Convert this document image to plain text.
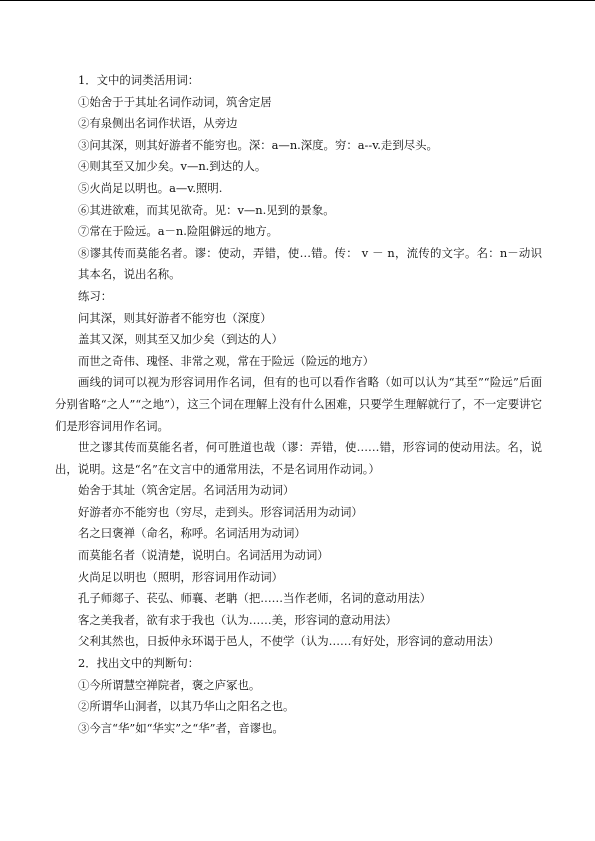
1．文中的词类活用词：
①始舍于于其址名词作动词，筑舍定居
②有泉侧出名词作状语，从旁边
③问其深，则其好游者不能穷也。深：a—n.深度。穷：a--v.走到尽头。
④则其至又加少矣。v—n.到达的人。
⑤火尚足以明也。a—v.照明.
⑥其进欲难，而其见欲奇。见：v—n.见到的景象。
⑦常在于险远。a－n.险阻僻远的地方。
⑧谬其传而莫能名者。谬：使动，弄错，使…错。传： v － n，流传的文字。名：n－动识其本名，说出名称。
练习：
问其深，则其好游者不能穷也（深度）
盖其又深，则其至又加少矣（到达的人）
而世之奇伟、瑰怪、非常之观，常在于险远（险远的地方）
画线的词可以视为形容词用作名词，但有的也可以看作省略（如可以认为“其至”“险远”后面分别省略“之人”“之地”），这三个词在理解上没有什么困难，只要学生理解就行了，不一定要讲它们是形容词用作名词。
世之谬其传而莫能名者，何可胜道也哉（谬：弄错，使……错，形容词的使动用法。名，说出，说明。这是“名”在文言中的通常用法，不是名词用作动词。）
始舍于其址（筑舍定居。名词活用为动词）
好游者亦不能穷也（穷尽，走到头。形容词活用为动词）
名之曰褒禅（命名，称呼。名词活用为动词）
而莫能名者（说清楚，说明白。名词活用为动词）
火尚足以明也（照明，形容词用作动词）
孔子师郯子、苌弘、师襄、老聃（把……当作老师，名词的意动用法）
客之美我者，欲有求于我也（认为……美，形容词的意动用法）
父利其然也，日扳仲永环谒于邑人，不使学（认为……有好处，形容词的意动用法）
2．找出文中的判断句：
①今所谓慧空禅院者，褒之庐冢也。
②所谓华山洞者，以其乃华山之阳名之也。
③今言“华”如“华实”之“华”者，音谬也。
